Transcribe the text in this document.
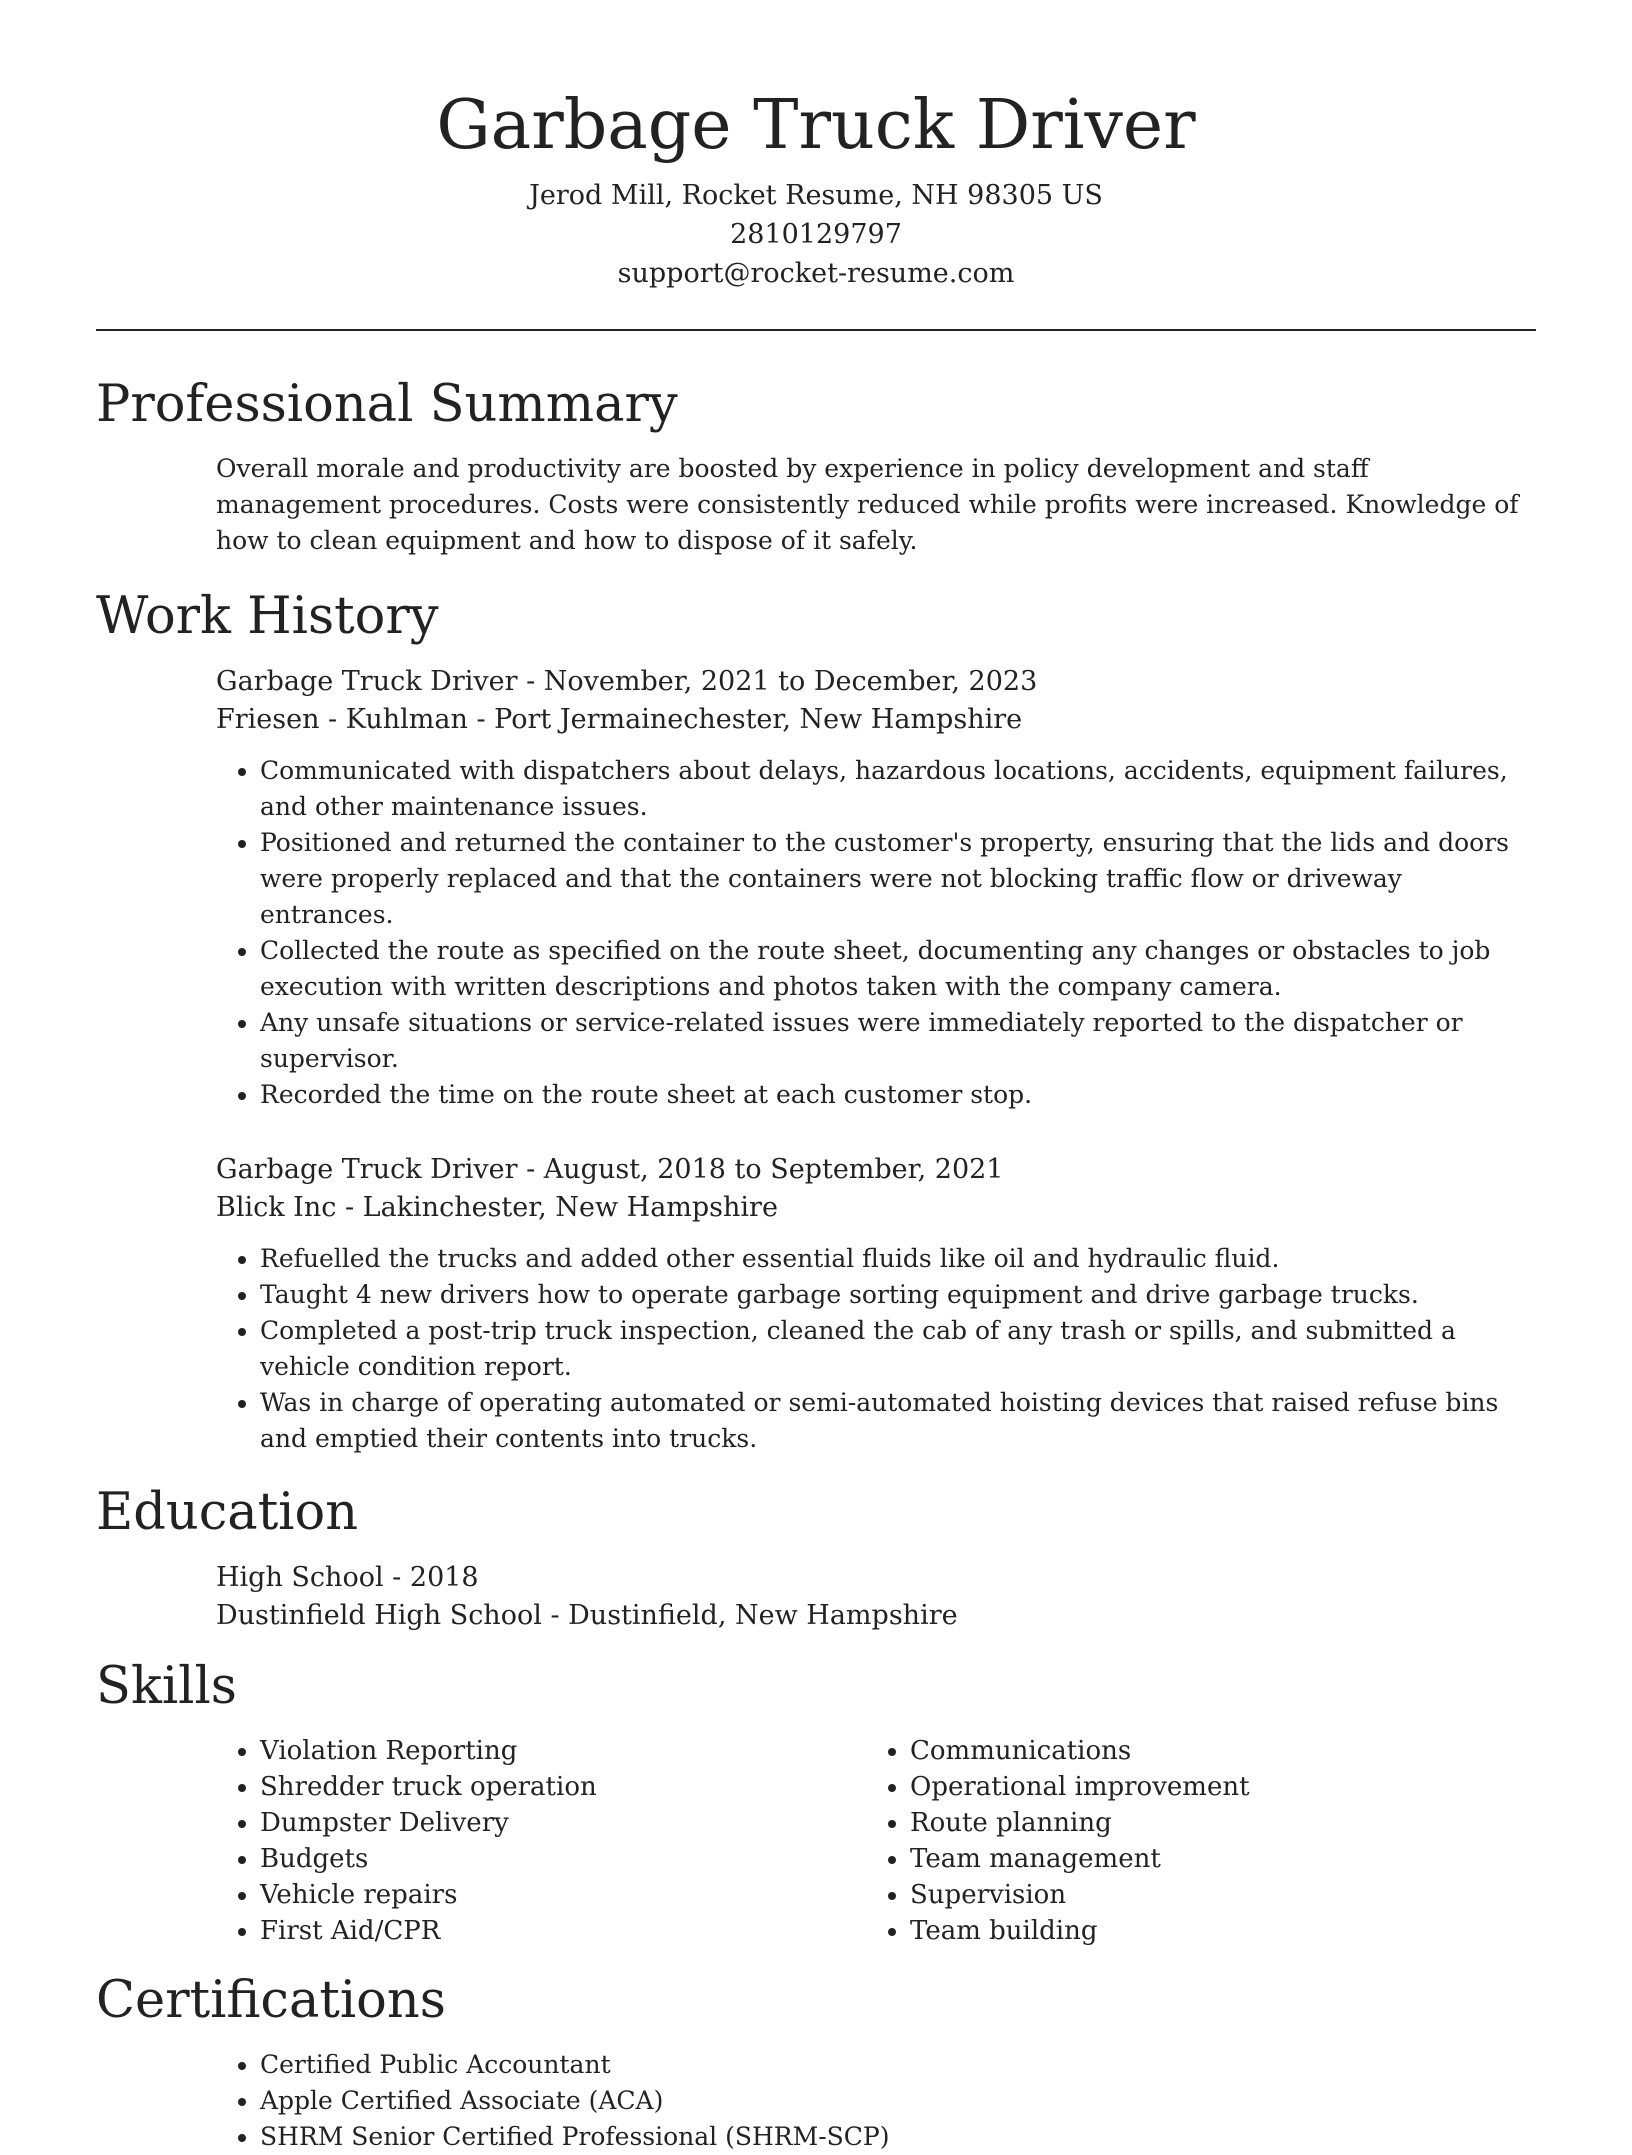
Garbage Truck Driver
Jerod Mill, Rocket Resume, NH 98305 US
2810129797
support@rocket-resume.com
Professional Summary

Overall morale and productivity are boosted by experience in policy development and staff management procedures. Costs were consistently reduced while profits were increased. Knowledge of how to clean equipment and how to dispose of it safely.

Work History
Garbage Truck Driver - November, 2021 to December, 2023
Friesen - Kuhlman - Port Jermainechester, New Hampshire
• Communicated with dispatchers about delays, hazardous locations, accidents, equipment failures, and other maintenance issues.
• Positioned and returned the container to the customer's property, ensuring that the lids and doors were properly replaced and that the containers were not blocking traffic flow or driveway entrances.
• Collected the route as specified on the route sheet, documenting any changes or obstacles to job execution with written descriptions and photos taken with the company camera.
• Any unsafe situations or service-related issues were immediately reported to the dispatcher or supervisor.
• Recorded the time on the route sheet at each customer stop.
Garbage Truck Driver - August, 2018 to September, 2021
Blick Inc - Lakinchester, New Hampshire
• Refuelled the trucks and added other essential fluids like oil and hydraulic fluid.
• Taught 4 new drivers how to operate garbage sorting equipment and drive garbage trucks.
• Completed a post-trip truck inspection, cleaned the cab of any trash or spills, and submitted a vehicle condition report.
• Was in charge of operating automated or semi-automated hoisting devices that raised refuse bins and emptied their contents into trucks.
Education
High School - 2018
Dustinfield High School - Dustinfield, New Hampshire
Skills
• Violation Reporting
• Shredder truck operation
• Dumpster Delivery
• Budgets
• Vehicle repairs
• First Aid/CPR
• Communications
• Operational improvement
• Route planning
• Team management
• Supervision
• Team building
Certifications
• Certified Public Accountant
• Apple Certified Associate (ACA)
• SHRM Senior Certified Professional (SHRM-SCP)
